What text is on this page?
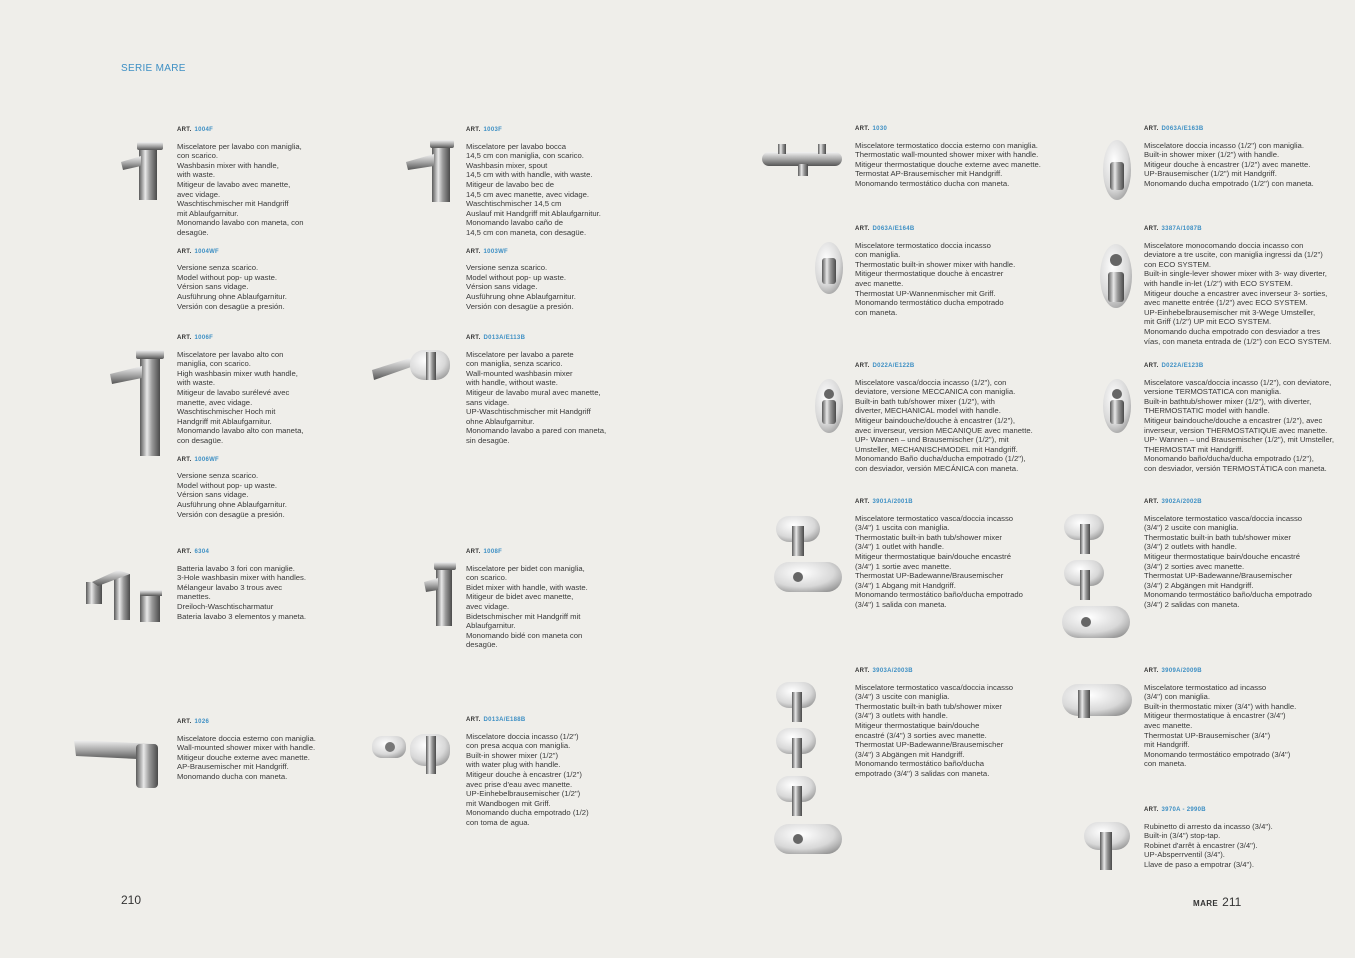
SERIE MARE
ART. 1004F

Miscelatore per lavabo con maniglia,
con scarico.
Washbasin mixer with handle,
with waste.
Mitigeur de lavabo avec manette,
avec vidage.
Waschtischmischer mit Handgriff
mit Ablaufgarnitur.
Monomando lavabo con maneta, con
desagüe.

ART. 1004WF

Versione senza scarico.
Model without pop- up waste.
Vérsion sans vidage.
Ausführung ohne Ablaufgarnitur.
Versión con desagüe a presión.

ART. 1006F

Miscelatore per lavabo alto con
maniglia, con scarico.
High washbasin mixer wuth handle,
with waste.
Mitigeur de lavabo surélevé avec
manette, avec vidage.
Waschtischmischer Hoch mit
Handgriff mit Ablaufgarnitur.
Monomando lavabo alto con maneta,
con desagüe.

ART. 1006WF

Versione senza scarico.
Model without pop- up waste.
Vérsion sans vidage.
Ausführung ohne Ablaufgarnitur.
Versión con desagüe a presión.

ART. 6304

Batteria lavabo 3 fori con maniglie.
3-Hole washbasin mixer with handles.
Mélangeur lavabo 3 trous avec
manettes.
Dreiloch-Waschtischarmatur
Bateria lavabo 3 elementos y maneta.

ART. 1026

Miscelatore doccia esterno con maniglia.
Wall-mounted shower mixer with handle.
Mitigeur douche externe avec manette.
AP-Brausemischer mit Handgriff.
Monomando ducha con maneta.

ART. 1003F

Miscelatore per lavabo bocca
14,5 cm con maniglia, con scarico.
Washbasin mixer, spout
14,5 cm with with handle, with waste.
Mitigeur de lavabo bec de
14,5 cm avec manette, avec vidage.
Waschtischmischer 14,5 cm
Auslauf mit Handgriff mit Ablaufgarnitur.
Monomando lavabo caño de
14,5 cm con maneta, con desagüe.

ART. 1003WF

Versione senza scarico.
Model without pop- up waste.
Vérsion sans vidage.
Ausführung ohne Ablaufgarnitur.
Versión con desagüe a presión.

ART. D013A/E113B

Miscelatore per lavabo a parete
con maniglia, senza scarico.
Wall-mounted washbasin mixer
with handle, without waste.
Mitigeur de lavabo mural avec manette,
sans vidage.
UP-Waschtischmischer mit Handgriff
ohne Ablaufgarnitur.
Monomando lavabo a pared con maneta,
sin desagüe.

ART. 1008F

Miscelatore per bidet con maniglia,
con scarico.
Bidet mixer with handle, with waste.
Mitigeur de bidet avec manette,
avec vidage.
Bidetschmischer mit Handgriff mit
Ablaufgarnitur.
Monomando bidé con maneta con
desagüe.

ART. D013A/E188B

Miscelatore doccia incasso (1/2")
con presa acqua con maniglia.
Built-in shower mixer (1/2")
with water plug with handle.
Mitigeur douche à encastrer (1/2")
avec prise d'eau avec manette.
UP-Einhebelbrausemischer (1/2")
mit Wandbogen mit Griff.
Monomando ducha empotrado (1/2)
con toma de agua.

210
ART. 1030

Miscelatore termostatico doccia esterno con maniglia.
Thermostatic wall-mounted shower mixer with handle.
Mitigeur thermostatique douche externe avec manette.
Termostat AP-Brausemischer mit Handgriff.
Monomando termostático ducha con maneta.

ART. D063A/E164B

Miscelatore termostatico doccia incasso
con maniglia.
Thermostatic built-in shower mixer with handle.
Mitigeur thermostatique douche à encastrer
avec manette.
Thermostat UP-Wannenmischer mit Griff.
Monomando termostático ducha empotrado
con maneta.

ART. D022A/E122B

Miscelatore vasca/doccia incasso (1/2"), con
deviatore, versione MECCANICA con maniglia.
Built-in bath tub/shower mixer (1/2"), with
diverter, MECHANICAL model with handle.
Mitigeur baindouche/douche à encastrer (1/2"),
avec inverseur, version MECANIQUE avec manette.
UP- Wannen – und Brausemischer (1/2"), mit
Umsteller, MECHANISCHMODEL mit Handgriff.
Monomando Baño ducha/ducha empotrado (1/2"),
con desviador, versión MECÁNICA con maneta.

ART. 3901A/2001B

Miscelatore termostatico vasca/doccia incasso
(3/4") 1 uscita con maniglia.
Thermostatic built-in bath tub/shower mixer
(3/4") 1 outlet with handle.
Mitigeur thermostatique bain/douche encastré
(3/4") 1 sortie avec manette.
Thermostat UP-Badewanne/Brausemischer
(3/4") 1 Abgang mit Handgriff.
Monomando termostático baño/ducha empotrado
(3/4") 1 salida con maneta.

ART. 3903A/2003B

Miscelatore termostatico vasca/doccia incasso
(3/4") 3 uscite con maniglia.
Thermostatic built-in bath tub/shower mixer
(3/4") 3 outlets with handle.
Mitigeur thermostatique bain/douche
encastré (3/4") 3 sorties avec manette.
Thermostat UP-Badewanne/Brausemischer
(3/4") 3 Abgängen mit Handgriff.
Monomando termostático baño/ducha
empotrado (3/4") 3 salidas con maneta.

ART. D063A/E163B

Miscelatore doccia incasso (1/2") con maniglia.
Built-in shower mixer (1/2") with handle.
Mitigeur douche à encastrer (1/2") avec manette.
UP-Brausemischer (1/2") mit Handgriff.
Monomando ducha empotrado (1/2") con maneta.

ART. 3387A/1087B

Miscelatore monocomando doccia incasso con
deviatore a tre uscite, con maniglia ingressi da (1/2")
con ECO SYSTEM.
Built-in single-lever shower mixer with 3- way diverter,
with handle in-let (1/2") with ECO SYSTEM.
Mitigeur douche a encastrer avec inverseur 3- sorties,
avec manette entrée (1/2") avec ECO SYSTEM.
UP-Einhebelbrausemischer mit 3-Wege Umsteller,
mit Griff (1/2") UP mit ECO SYSTEM.
Monomando ducha empotrado con desviador a tres
vías, con maneta entrada de (1/2") con ECO SYSTEM.

ART. D022A/E123B

Miscelatore vasca/doccia incasso (1/2"), con deviatore,
versione TERMOSTATICA con maniglia.
Built-in bathtub/shower mixer (1/2"), with diverter,
THERMOSTATIC model with handle.
Mitigeur baindouche/douche a encastrer (1/2"), avec
inverseur, version THERMOSTATIQUE avec manette.
UP- Wannen – und Brausemischer (1/2"), mit Umsteller,
THERMOSTAT mit Handgriff.
Monomando baño/ducha/ducha empotrado (1/2"),
con desviador, versión TERMOSTÁTICA con maneta.

ART. 3902A/2002B

Miscelatore termostatico vasca/doccia incasso
(3/4") 2 uscite con maniglia.
Thermostatic built-in bath tub/shower mixer
(3/4") 2 outlets with handle.
Mitigeur thermostatique bain/douche encastré
(3/4") 2 sorties avec manette.
Thermostat UP-Badewanne/Brausemischer
(3/4") 2 Abgängen mit Handgriff.
Monomando termostático baño/ducha empotrado
(3/4") 2 salidas con maneta.

ART. 3909A/2009B

Miscelatore termostatico ad incasso
(3/4") con maniglia.
Built-in thermostatic mixer (3/4") with handle.
Mitigeur thermostatique à encastrer (3/4")
avec manette.
Thermostat UP-Brausemischer (3/4")
mit Handgriff.
Monomando termostático empotrado (3/4")
con maneta.

ART. 3970A - 2990B

Rubinetto di arresto da incasso (3/4").
Built-in (3/4") stop-tap.
Robinet d'arrêt à encastrer (3/4").
UP-Absperrventil (3/4").
Llave de paso a empotrar (3/4").

MARE 211
